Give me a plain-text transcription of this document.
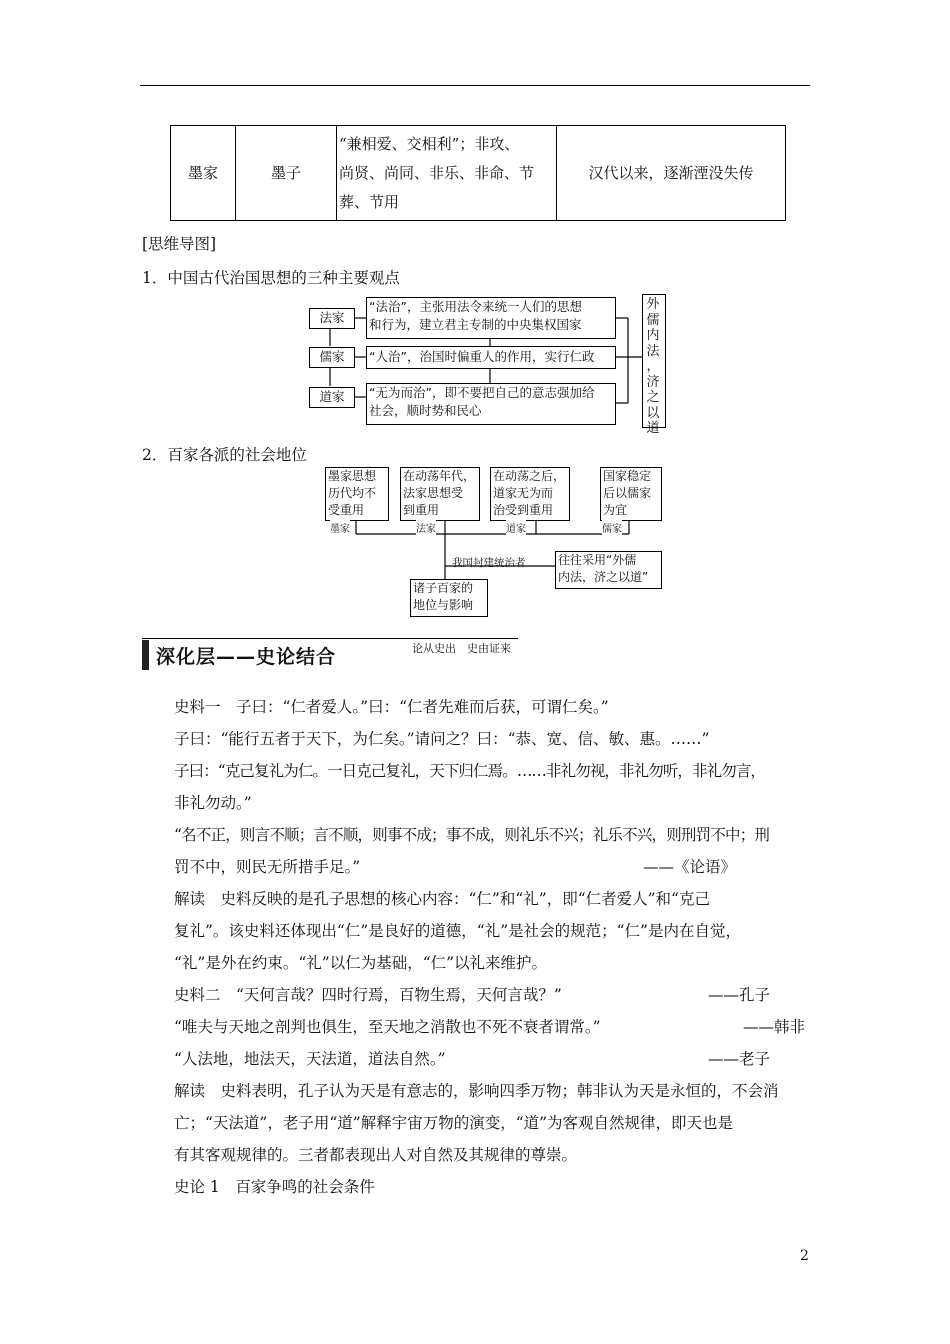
墨家	墨子	
“兼相爱、交相利”；非攻、
尚贤、尚同、非乐、非命、节
葬、节用
	汉代以来，逐渐湮没失传
[思维导图]
1．中国古代治国思想的三种主要观点
法家
儒家
道家
“法治”，主张用法令来统一人们的思想
和行为，建立君主专制的中央集权国家
“人治”，治国时偏重人的作用，实行仁政
“无为而治”，即不要把自己的意志强加给
社会，顺时势和民心
外
儒
内
法
，
济
之
以
道
2．百家各派的社会地位
墨家思想
历代均不
受重用
在动荡年代，
法家思想受
到重用
在动荡之后，
道家无为而
治受到重用
国家稳定
后以儒家
为宜
墨家	法家	道家	儒家
我国封建统治者	往往采用“外儒
内法，济之以道”
诸子百家的
地位与影响
深化层——史论结合	论从史出　史由证来
史料一　子曰：“仁者爱人。”曰：“仁者先难而后获，可谓仁矣。”
子曰：“能行五者于天下，为仁矣。”请问之？曰：“恭、宽、信、敏、惠。……”
子曰：“克己复礼为仁。一日克己复礼，天下归仁焉。……非礼勿视，非礼勿听，非礼勿言，
非礼勿动。”
“名不正，则言不顺；言不顺，则事不成；事不成，则礼乐不兴；礼乐不兴，则刑罚不中；刑
罚不中，则民无所措手足。”	——《论语》
解读　史料反映的是孔子思想的核心内容：“仁”和“礼”，即“仁者爱人”和“克己
复礼”。该史料还体现出“仁”是良好的道德，“礼”是社会的规范；“仁”是内在自觉，
“礼”是外在约束。“礼”以仁为基础，“仁”以礼来维护。
史料二　“天何言哉？四时行焉，百物生焉，天何言哉？”	——孔子
“唯夫与天地之剖判也俱生，至天地之消散也不死不衰者谓常。”	——韩非
“人法地，地法天，天法道，道法自然。”	——老子
解读　史料表明，孔子认为天是有意志的，影响四季万物；韩非认为天是永恒的，不会消
亡；“天法道”，老子用“道”解释宇宙万物的演变，“道”为客观自然规律，即天也是
有其客观规律的。三者都表现出人对自然及其规律的尊崇。
史论 1　百家争鸣的社会条件
2
